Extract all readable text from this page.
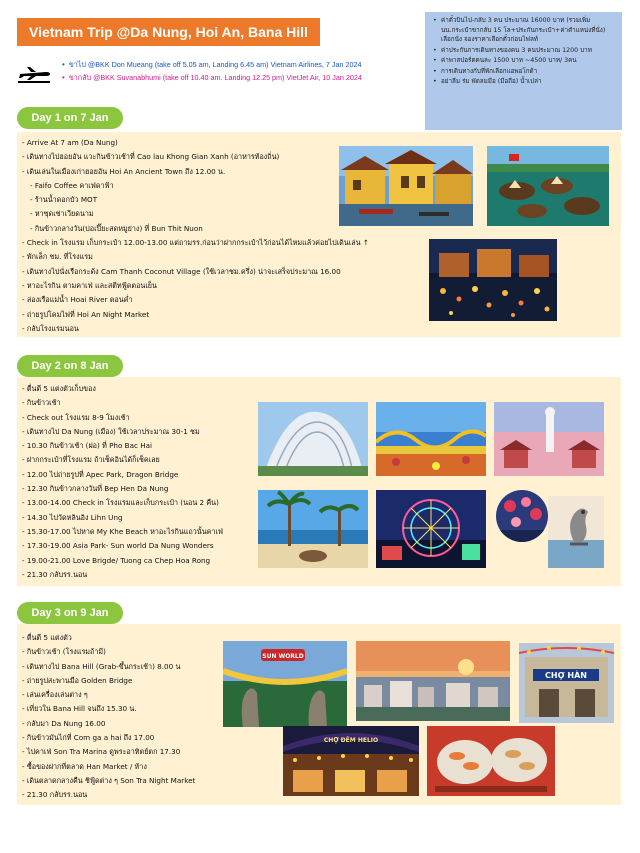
Vietnam Trip @Da Nung, Hoi An, Bana Hill
• ขาไป @BKK Don Mueang (take off 5.05 am, Landing 6.45 am) Vietnam Airlines, 7 Jan 2024
• ขากลับ @BKK Suvanabhumi (take off 10.40 am. Landing 12.25 pm) VietJet Air, 10 Jan 2024
• ค่าตั๋วบินไป-กลับ 3 คน ประมาณ 16000 บาท (รวมเพิ่มนน.กระเป๋าขากลับ 15 โล+ประกันกระเป๋า+ค่าตำแหน่งที่นั่ง) เลือกนั่ง จองราคาเลือกตั๋วก่อนไฟลท์
• ค่าประกันการเดินทางของคน 3 คนประมาณ 1200 บาท
• ค่าพาสปอร์ตคนละ 1500 บาท ~4500 บาท/ 3คน
• การเดินทางกับที่พักเลือกแอพอโกด้า
• อย่าลืม ร่ม พัดลมมือ (มือถือ) น้ำเปล่า
Day 1 on 7 Jan
- Arrive At 7 am (Da Nung)
- เดินทางไปฮอยอัน แวะกินข้าวเช้าที่ Cao lau Khong Gian Xanh (อาหารท้องถิ่น)
- เดินเล่นในเมืองเก่าฮอยอัน Hoi An Ancient Town ถึง 12.00 น.
- Faifo Coffee คาเฟ่ดาฟ้า
- ร้านน้ำดอกบัว MOT
- หาซุดเช่าเวียดนาม
- กินข้าวกลางวัน(ปอเปี๊ยะสดหมูย่าง) ที่ Bun Thit Nuon
- Check in โรงแรม เก็บกระเป๋า 12.00-13.00 แต่ถามรร.ก่อนว่าฝากกระเป๋าไว้ก่อนได้ไหมแล้วค่อยไปเดินเล่น ↑
- พักเล็ก ชม. ที่โรงแรม
- เดินทางไปนั่งเรือกระด้ง Cam Thanh Coconut Village (ใช้เวลาชม.ครึ่ง) น่าจะเสร็จประมาณ 16.00
- หาอะไรกิน ตามคาเฟ่ และสตีทฟู้ดตอนเย็น
- ล่องเรือแม่น้ำ Hoai River ตอนค่ำ
- ถ่ายรูปโคมไฟที่ Hoi An Night Market
- กลับโรงแรมนอน
Day 2 on 8 Jan
- ตื่นตี 5 แต่งตัวเก็บของ
- กินข้าวเช้า
- Check out โรงแรม 8-9 โมงเช้า
- เดินทางไป Da Nung (เมือง) ใช้เวลาประมาณ 30-1 ชม
- 10.30 กินข้าวเช้า (ฝอ) ที่ Pho Bac Hai
- ฝากกระเป๋าที่โรงแรม ถ้าเช็คอินได้ก็เช็คเลย
- 12.00 ไปถ่ายรูปที่ Apec Park, Dragon Bridge
- 12.30 กินข้าวกลางวันที่ Bep Hen Da Nung
- 13.00-14.00 Check in โรงแรมและเก็บกระเป๋า (นอน 2 คืน)
- 14.30 ไปวัดหลินอิง Lihn Ung
- 15.30-17.00 ไปหาด My Khe Beach หาอะไรกินแถวนั้นคาเฟ่
- 17.30-19.00 Asia Park- Sun world Da Nung Wonders
- 19.00-21.00 Love Brigde/ Tuong ca Chep Hoa Rong
- 21.30 กลับรร.นอน
Day 3 on 9 Jan
- ตื่นตี 5 แต่งตัว
- กินข้าวเช้า (โรงแรมถ้ามี)
- เดินทางไป Bana Hill (Grab-ขึ้นกระเช้า) 8.00 น
- ถ่ายรูปสะพานมือ Golden Bridge
- เล่นเครื่องเล่นต่าง ๆ
- เที่ยวใน Bana Hill จนถึง 15.30 น.
- กลับมา Da Nung 16.00
- กินข้าวมันไก่ที่ Com ga a hai ถึง 17.00
- ไปคาเฟ่ Son Tra Marina ดูพระอาทิตย์ตก 17.30
- ซื้อของฝากที่ตลาด Han Market / ห้าง
- เดินตลาดกลางคืน ชิฟู้ดต่าง ๆ Son Tra Night Market
- 21.30 กลับรร.นอน
SUN WORLD
CHỢ HÀN
CHỢ ĐÊM HELIO
